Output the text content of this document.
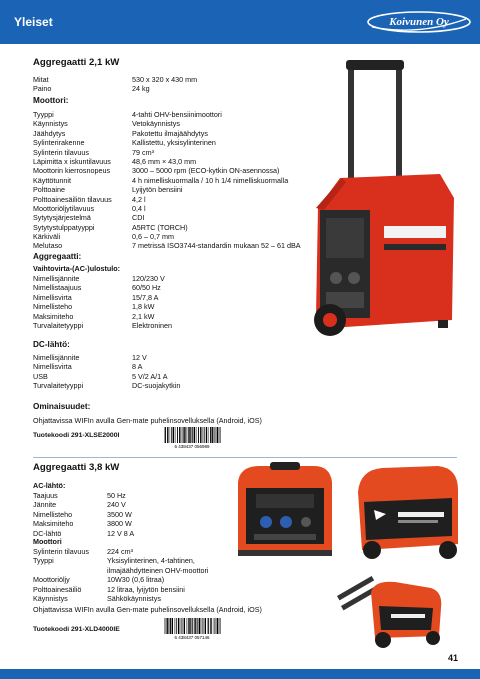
Yleiset	Koivunen Oy
Aggregaatti 2,1 kW
Mitat	530 x 320 x 430 mm
Paino	24 kg
Moottori:
Tyyppi	4-tahti OHV-bensiinimoottori
Käynnistys	Vetokäynnistys
Jäähdytys	Pakotettu ilmajäähdytys
Sylinterirakenne	Kallistettu, yksisylinterinen
Sylinterin tilavuus	79 cm³
Läpimitta x iskuntilavuus	48,6 mm × 43,0 mm
Moottorin kierrosnopeus	3000 – 5000 rpm (ECO-kytkin ON-asennossa)
Käyttötunnit	4 h nimelliskuormalla / 10 h 1/4 nimelliskuormalla
Polttoaine	Lyijytön bensiini
Polttoainesäiliön tilavuus	4,2 l
Moottoriöljytilavuus	0,4 l
Sytytysjärjestelmä	CDI
Sytytystulppatyyppi	A5RTC (TORCH)
Kärkiväli	0,6 – 0,7 mm
Melutaso	7 metrissä ISO3744-standardin mukaan 52 – 61 dBA
Aggregaatti:
Vaihtovirta-(AC-)ulostulo:
Nimellisjännite	120/230 V
Nimellistaajuus	60/50 Hz
Nimellisvirta	15/7,8 A
Nimellisteho	1,8 kW
Maksimiteho	2,1 kW
Turvalaitetyyppi	Elektroninen
DC-lähtö:
Nimellisjännite	12 V
Nimellisvirta	8 A
USB	5 V/2 A/1 A
Turvalaitetyyppi	DC-suojakytkin
Ominaisuudet:
Ohjattavissa WIFIn avulla Gen-mate puhelinsovelluksella (Android, iOS)
Tuotekoodi 291-XLSE2000I
6 438437 056989
Aggregaatti 3,8 kW
AC-lähtö:
Taajuus	50 Hz
Jännite	240 V
Nimellisteho	3500 W
Maksimiteho	3800 W
DC-lähtö	12 V 8 A
Moottori
Sylinterin tilavuus	224 cm³
Tyyppi	Yksisylinterinen, 4-tahtinen,
ilmajäähdytteinen OHV-moottori
Moottoriöljy	10W30 (0,6 litraa)
Polttoainesäiliö	12 litraa, lyijytön bensiini
Käynnistys	Sähkökäynnistys
Ohjattavissa WIFIn avulla Gen-mate puhelinsovelluksella (Android, iOS)
Tuotekoodi 291-XLD4000IE
6 438437 057146
41
